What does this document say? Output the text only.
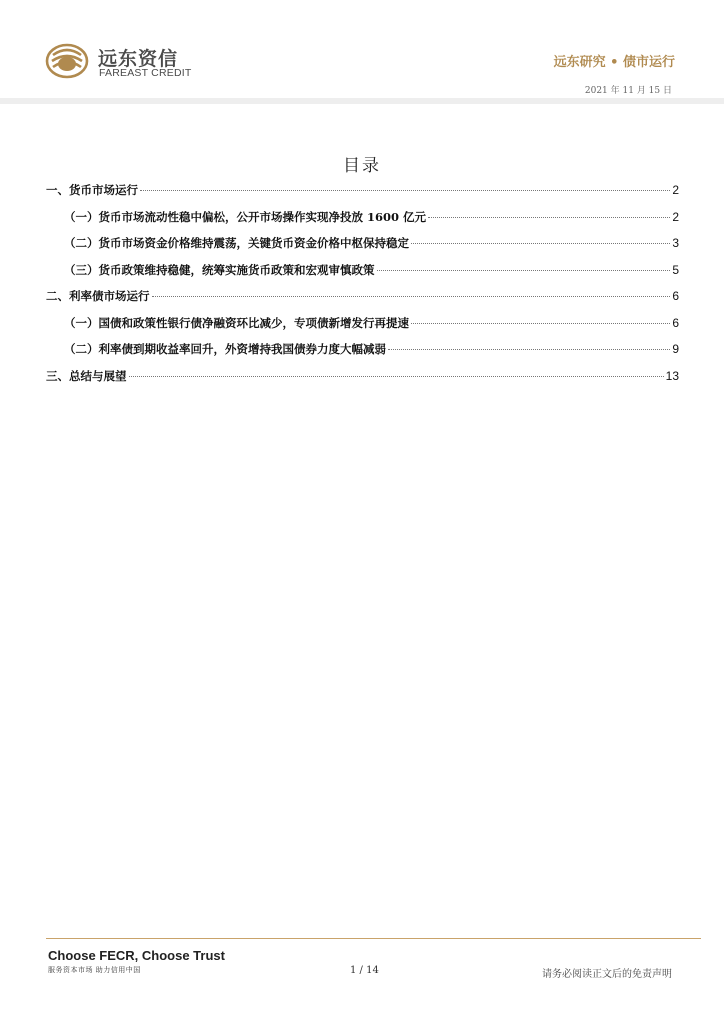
远东资信
FAREAST CREDIT
远东研究 • 债市运行
2021 年 11 月 15 日
目录
一、货币市场运行	2
（一）货币市场流动性稳中偏松，公开市场操作实现净投放 1600 亿元	2
（二）货币市场资金价格维持震荡，关键货币资金价格中枢保持稳定	3
（三）货币政策维持稳健，统筹实施货币政策和宏观审慎政策	5
二、利率债市场运行	6
（一）国债和政策性银行债净融资环比减少，专项债新增发行再提速	6
（二）利率债到期收益率回升，外资增持我国债券力度大幅减弱	9
三、总结与展望	13
Choose FECR, Choose Trust
服务资本市场 助力信用中国	1 / 14	请务必阅读正文后的免责声明
